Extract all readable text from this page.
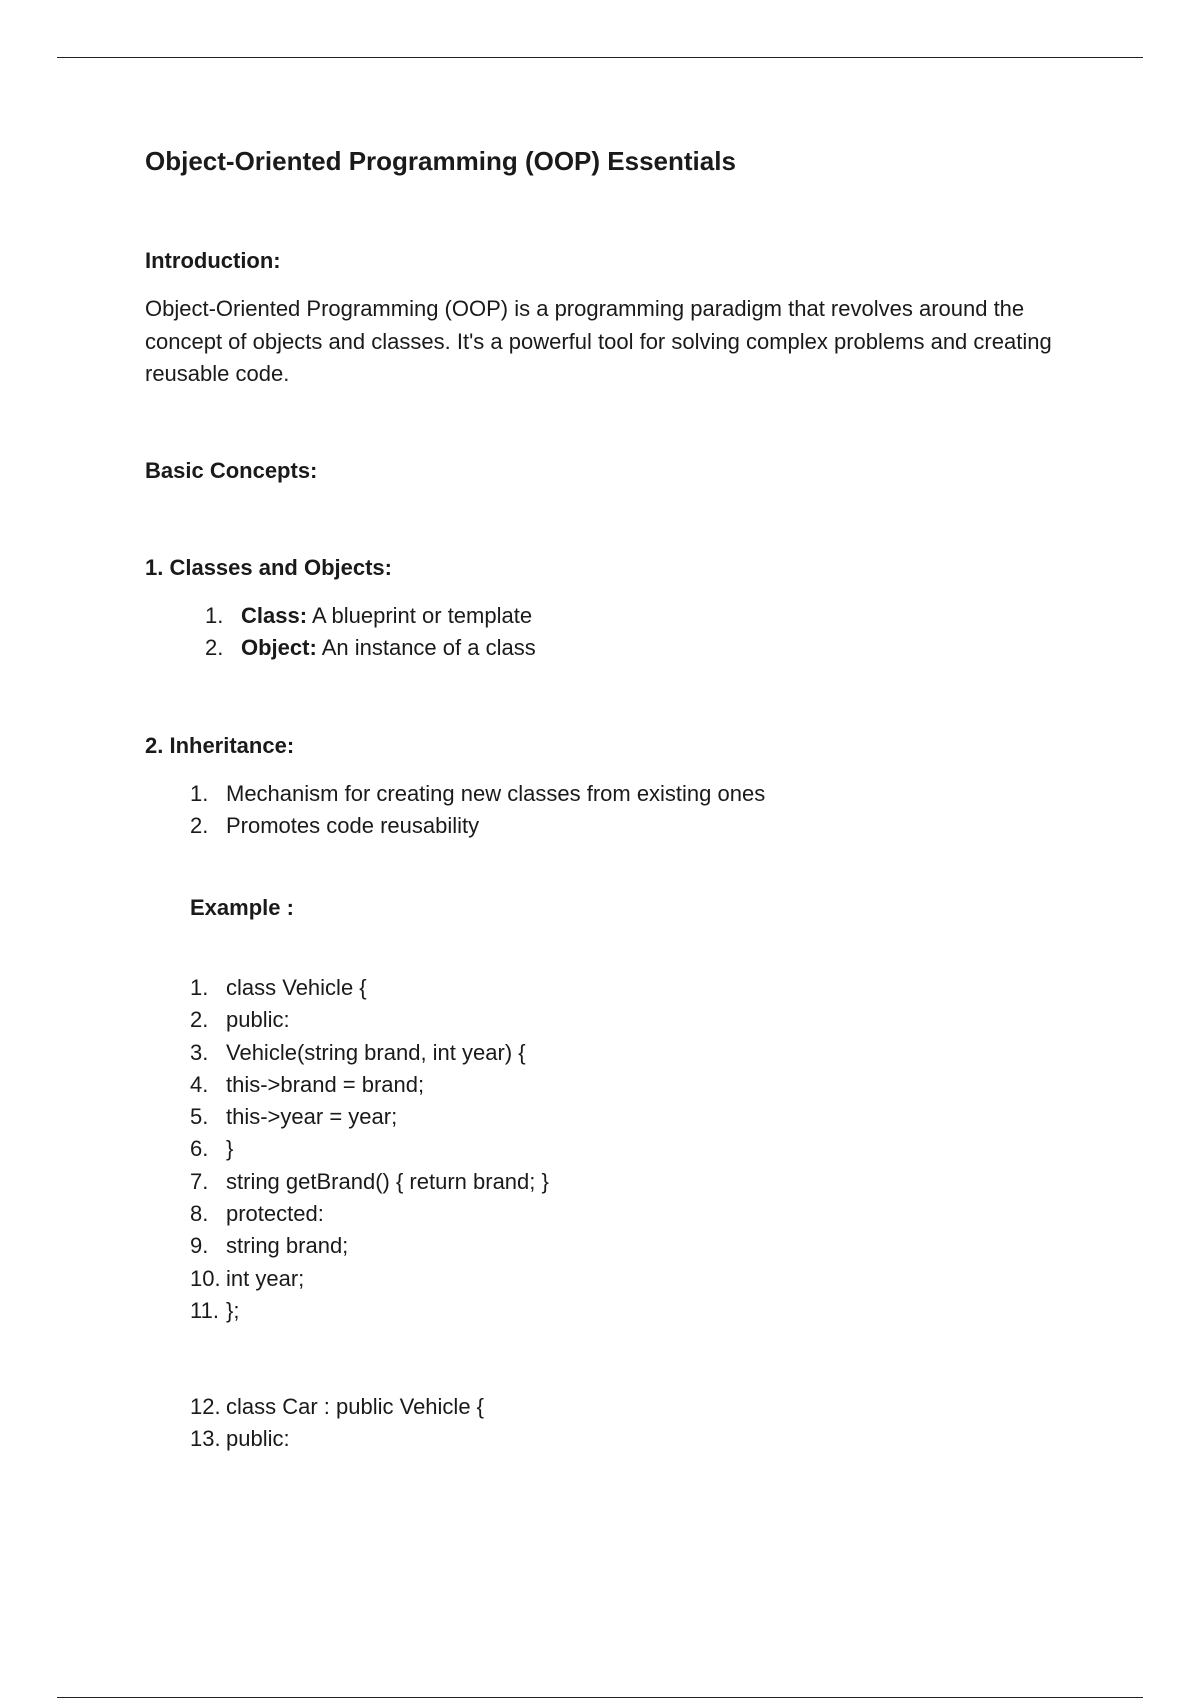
Object-Oriented Programming (OOP) Essentials
Introduction:

Object-Oriented Programming (OOP) is a programming paradigm that revolves around the concept of objects and classes. It's a powerful tool for solving complex problems and creating reusable code.

Basic Concepts:
1. Classes and Objects:
1. Class: A blueprint or template
2. Object: An instance of a class
2. Inheritance:
1. Mechanism for creating new classes from existing ones
2. Promotes code reusability
Example :
1. class Vehicle {
2. public:
3. Vehicle(string brand, int year) {
4. this->brand = brand;
5. this->year = year;
6. }
7. string getBrand() { return brand; }
8. protected:
9. string brand;
10. int year;
11. };
12. class Car : public Vehicle {
13. public:
